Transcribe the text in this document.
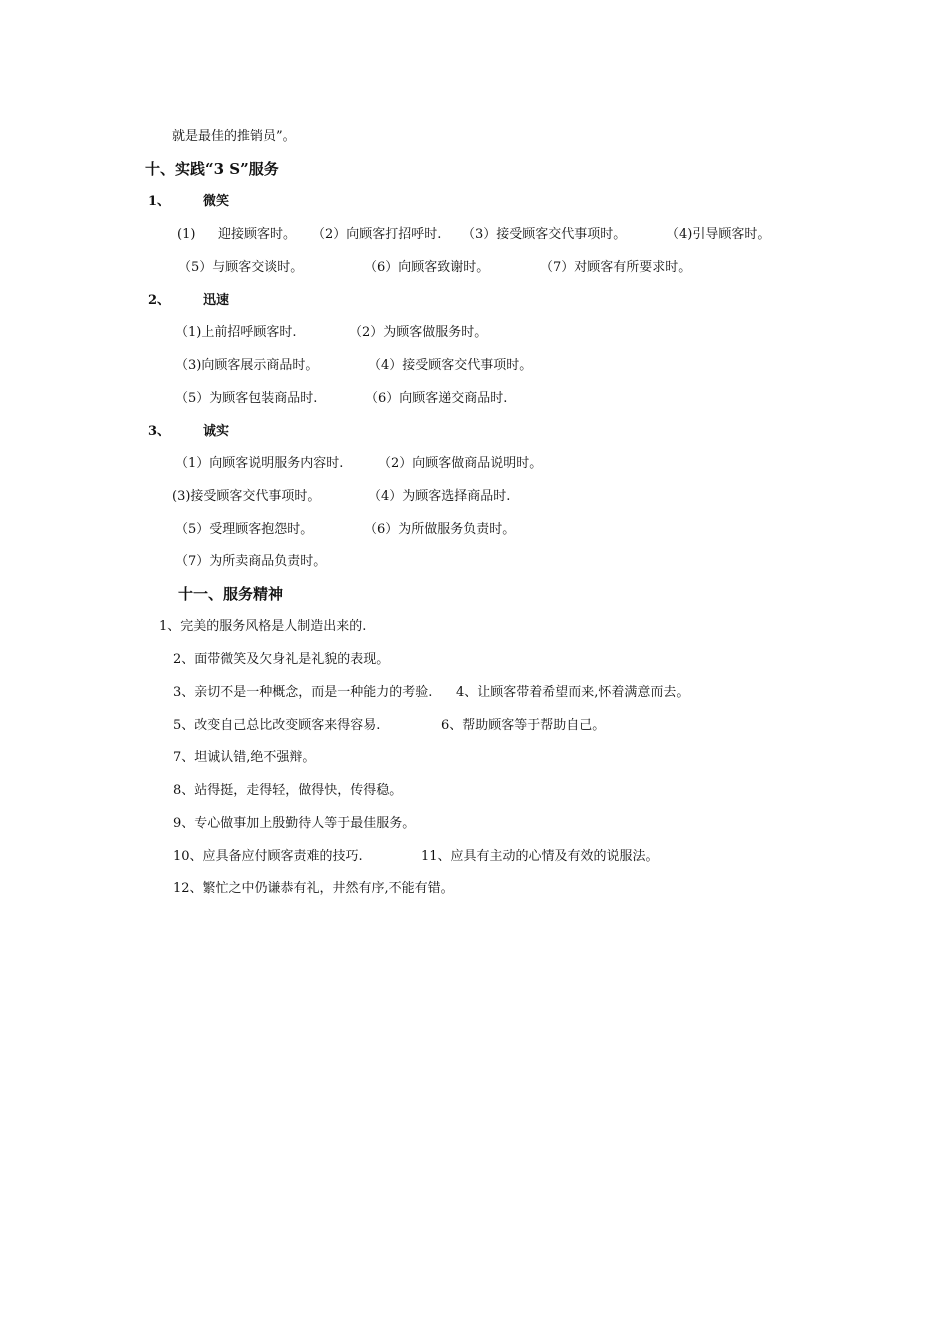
就是最佳的推销员”。
十、实践“3 S”服务
1、	微笑
(1) 迎接顾客时。 （2）向顾客打招呼时. （3）接受顾客交代事项时。	（4)引导顾客时。
（5）与顾客交谈时。	（6）向顾客致谢时。	（7）对顾客有所要求时。
2、	迅速
（1)上前招呼顾客时.	（2）为顾客做服务时。
（3)向顾客展示商品时。	（4）接受顾客交代事项时。
（5）为顾客包装商品时.	（6）向顾客递交商品时.
3、	诚实
（1）向顾客说明服务内容时.	（2）向顾客做商品说明时。
(3)接受顾客交代事项时。	（4）为顾客选择商品时.
（5）受理顾客抱怨时。	（6）为所做服务负责时。
（7）为所卖商品负责时。
十一、服务精神
1、完美的服务风格是人制造出来的.
2、面带微笑及欠身礼是礼貌的表现。
3、亲切不是一种概念，而是一种能力的考验. 4、让顾客带着希望而来,怀着满意而去。
5、改变自己总比改变顾客来得容易.	6、帮助顾客等于帮助自己。
7、坦诚认错,绝不强辩。
8、站得挺，走得轻，做得快，传得稳。
9、专心做事加上殷勤待人等于最佳服务。
10、应具备应付顾客责难的技巧.	11、应具有主动的心情及有效的说服法。
12、繁忙之中仍谦恭有礼，井然有序,不能有错。
